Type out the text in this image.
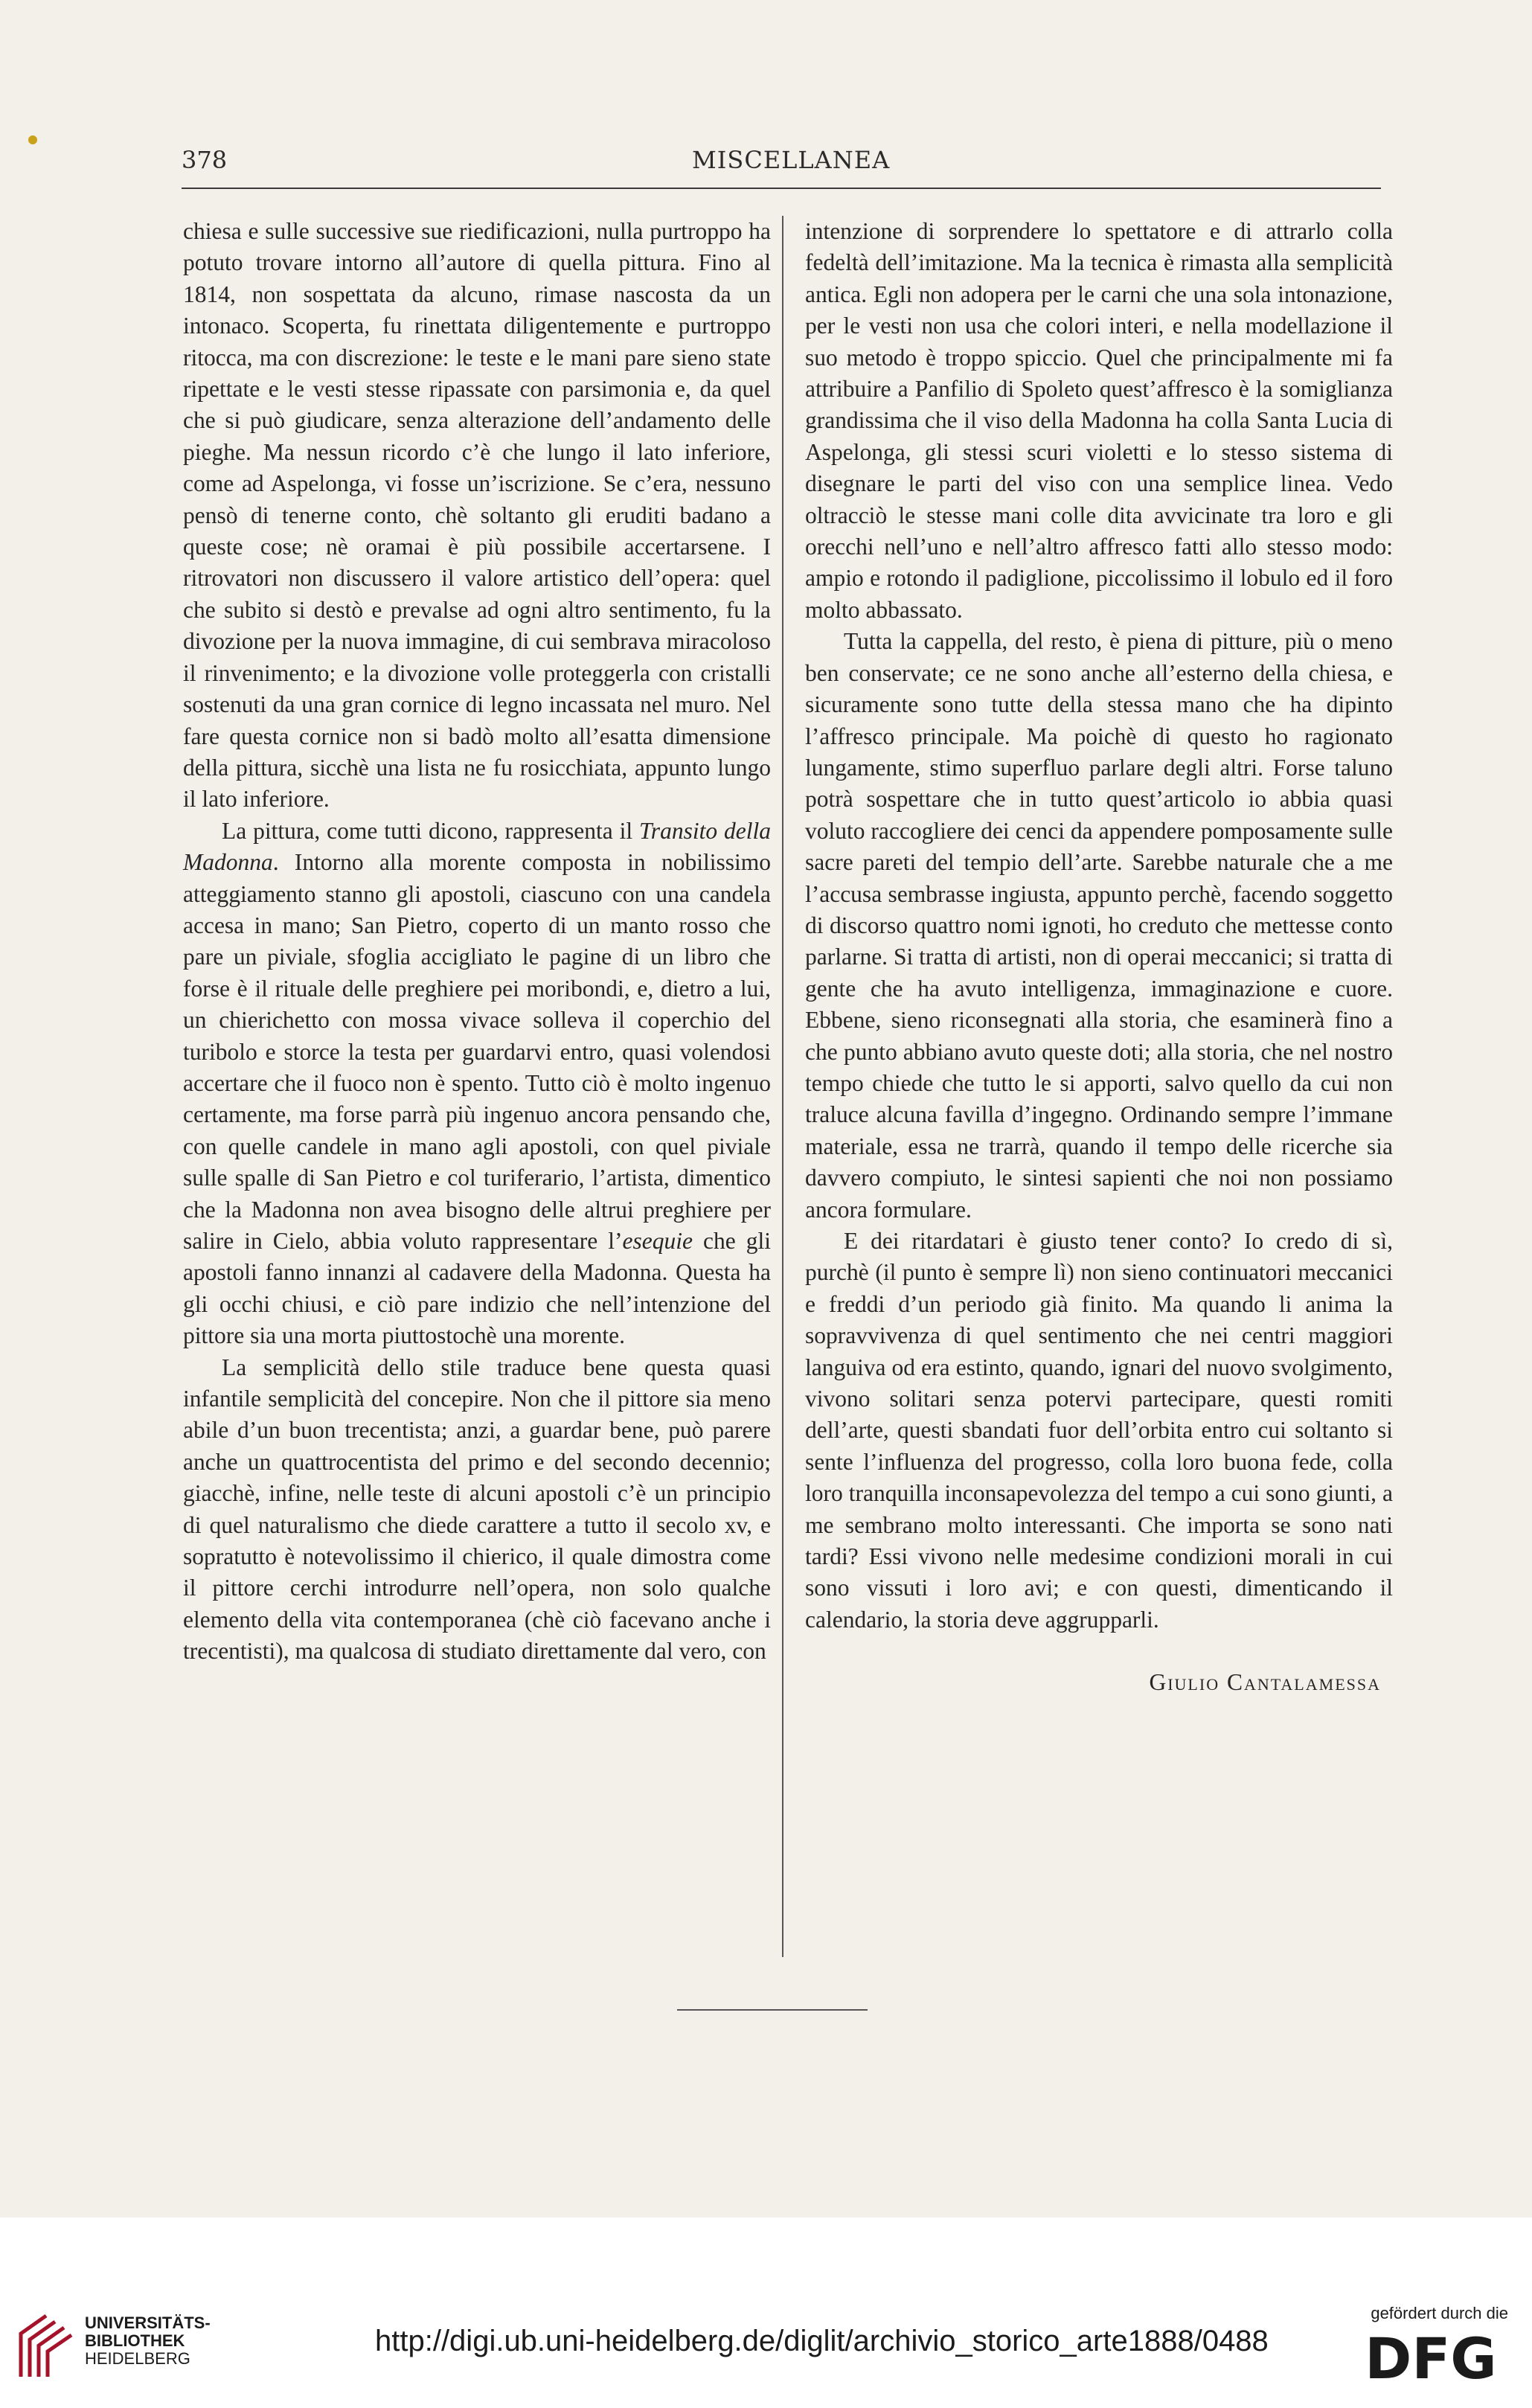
378	MISCELLANEA

chiesa e sulle successive sue riedificazioni, nulla purtroppo ha potuto trovare intorno all’autore di quella pittura. Fino al 1814, non sospettata da alcuno, rimase nascosta da un intonaco. Scoperta, fu rinettata diligentemente e purtroppo ritocca, ma con discrezione: le teste e le mani pare sieno state ripettate e le vesti stesse ripassate con parsimonia e, da quel che si può giudicare, senza alterazione dell’andamento delle pieghe. Ma nessun ricordo c’è che lungo il lato inferiore, come ad Aspelonga, vi fosse un’iscrizione. Se c’era, nessuno pensò di tenerne conto, chè soltanto gli eruditi badano a queste cose; nè oramai è più possibile accertarsene. I ritrovatori non discussero il valore artistico dell’opera: quel che subito si destò e prevalse ad ogni altro sentimento, fu la divozione per la nuova immagine, di cui sembrava miracoloso il rinvenimento; e la divozione volle proteggerla con cristalli sostenuti da una gran cornice di legno incassata nel muro. Nel fare questa cornice non si badò molto all’esatta dimensione della pittura, sicchè una lista ne fu rosicchiata, appunto lungo il lato inferiore.

La pittura, come tutti dicono, rappresenta il Transito della Madonna. Intorno alla morente composta in nobilissimo atteggiamento stanno gli apostoli, ciascuno con una candela accesa in mano; San Pietro, coperto di un manto rosso che pare un piviale, sfoglia accigliato le pagine di un libro che forse è il rituale delle preghiere pei moribondi, e, dietro a lui, un chierichetto con mossa vivace solleva il coperchio del turibolo e storce la testa per guardarvi entro, quasi volendosi accertare che il fuoco non è spento. Tutto ciò è molto ingenuo certamente, ma forse parrà più ingenuo ancora pensando che, con quelle candele in mano agli apostoli, con quel piviale sulle spalle di San Pietro e col turiferario, l’artista, dimentico che la Madonna non avea bisogno delle altrui preghiere per salire in Cielo, abbia voluto rappresentare l’esequie che gli apostoli fanno innanzi al cadavere della Madonna. Questa ha gli occhi chiusi, e ciò pare indizio che nell’intenzione del pittore sia una morta piuttostochè una morente.

La semplicità dello stile traduce bene questa quasi infantile semplicità del concepire. Non che il pittore sia meno abile d’un buon trecentista; anzi, a guardar bene, può parere anche un quattrocentista del primo e del secondo decennio; giacchè, infine, nelle teste di alcuni apostoli c’è un principio di quel naturalismo che diede carattere a tutto il secolo xv, e sopratutto è notevolissimo il chierico, il quale dimostra come il pittore cerchi introdurre nell’opera, non solo qualche elemento della vita contemporanea (chè ciò facevano anche i trecentisti), ma qualcosa di studiato direttamente dal vero, con

intenzione di sorprendere lo spettatore e di attrarlo colla fedeltà dell’imitazione. Ma la tecnica è rimasta alla semplicità antica. Egli non adopera per le carni che una sola intonazione, per le vesti non usa che colori interi, e nella modellazione il suo metodo è troppo spiccio. Quel che principalmente mi fa attribuire a Panfilio di Spoleto quest’affresco è la somiglianza grandissima che il viso della Madonna ha colla Santa Lucia di Aspelonga, gli stessi scuri violetti e lo stesso sistema di disegnare le parti del viso con una semplice linea. Vedo oltracciò le stesse mani colle dita avvicinate tra loro e gli orecchi nell’uno e nell’altro affresco fatti allo stesso modo: ampio e rotondo il padiglione, piccolissimo il lobulo ed il foro molto abbassato.

Tutta la cappella, del resto, è piena di pitture, più o meno ben conservate; ce ne sono anche all’esterno della chiesa, e sicuramente sono tutte della stessa mano che ha dipinto l’affresco principale. Ma poichè di questo ho ragionato lungamente, stimo superfluo parlare degli altri. Forse taluno potrà sospettare che in tutto quest’articolo io abbia quasi voluto raccogliere dei cenci da appendere pomposamente sulle sacre pareti del tempio dell’arte. Sarebbe naturale che a me l’accusa sembrasse ingiusta, appunto perchè, facendo soggetto di discorso quattro nomi ignoti, ho creduto che mettesse conto parlarne. Si tratta di artisti, non di operai meccanici; si tratta di gente che ha avuto intelligenza, immaginazione e cuore. Ebbene, sieno riconsegnati alla storia, che esaminerà fino a che punto abbiano avuto queste doti; alla storia, che nel nostro tempo chiede che tutto le si apporti, salvo quello da cui non traluce alcuna favilla d’ingegno. Ordinando sempre l’immane materiale, essa ne trarrà, quando il tempo delle ricerche sia davvero compiuto, le sintesi sapienti che noi non possiamo ancora formulare.

E dei ritardatari è giusto tener conto? Io credo di sì, purchè (il punto è sempre lì) non sieno continuatori meccanici e freddi d’un periodo già finito. Ma quando li anima la sopravvivenza di quel sentimento che nei centri maggiori languiva od era estinto, quando, ignari del nuovo svolgimento, vivono solitari senza potervi partecipare, questi romiti dell’arte, questi sbandati fuor dell’orbita entro cui soltanto si sente l’influenza del progresso, colla loro buona fede, colla loro tranquilla inconsapevolezza del tempo a cui sono giunti, a me sembrano molto interessanti. Che importa se sono nati tardi? Essi vivono nelle medesime condizioni morali in cui sono vissuti i loro avi; e con questi, dimenticando il calendario, la storia deve aggrupparli.

Giulio Cantalamessa
UNIVERSITÄTS-
BIBLIOTHEK
HEIDELBERG
http://digi.ub.uni-heidelberg.de/diglit/archivio_storico_arte1888/0488
gefördert durch die
DFG
